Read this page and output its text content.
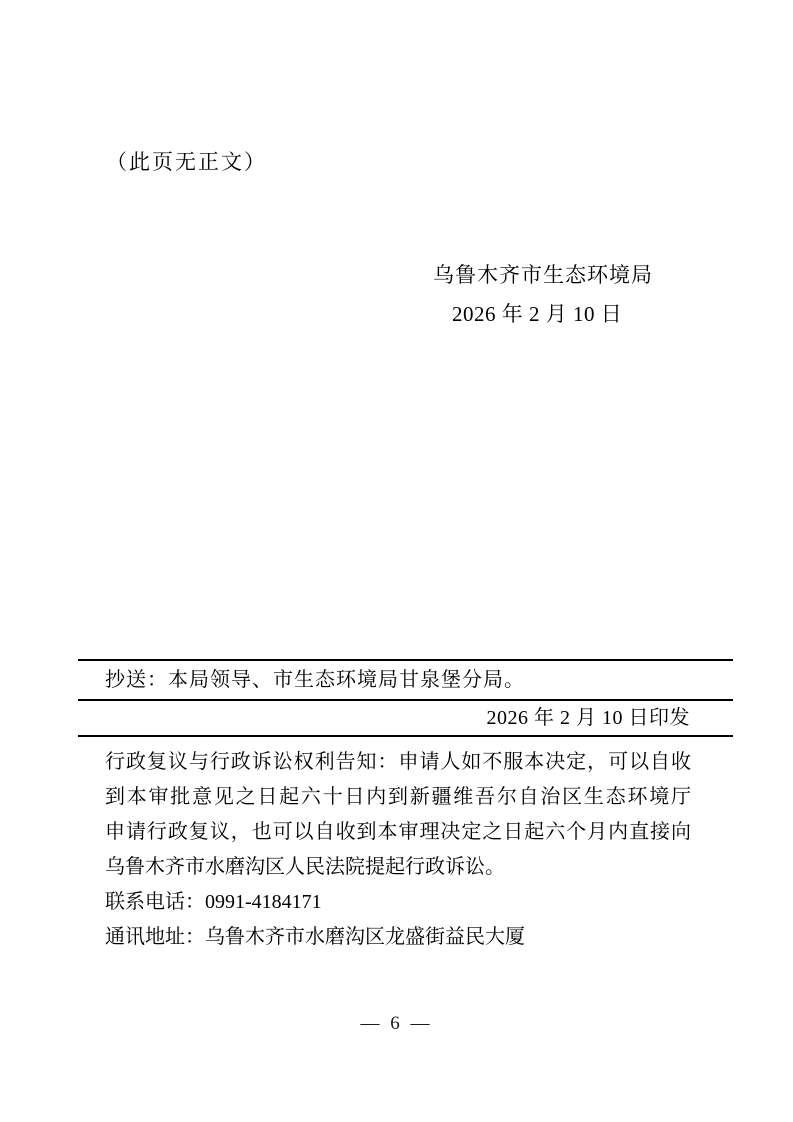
（此页无正文）
乌鲁木齐市生态环境局
2026 年 2 月 10 日
抄送：本局领导、市生态环境局甘泉堡分局。
2026 年 2 月 10 日印发

行政复议与行政诉讼权利告知：申请人如不服本决定，可以自收

到本审批意见之日起六十日内到新疆维吾尔自治区生态环境厅

申请行政复议，也可以自收到本审理决定之日起六个月内直接向

乌鲁木齐市水磨沟区人民法院提起行政诉讼。

联系电话：0991-4184171

通讯地址：乌鲁木齐市水磨沟区龙盛街益民大厦

— 6 —
